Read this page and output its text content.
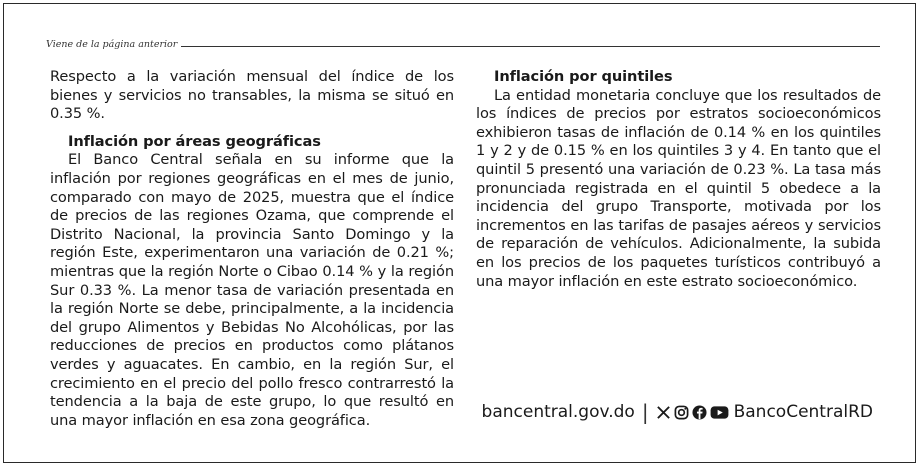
Viene de la página anterior

Respecto a la variación mensual del índice de los bienes y servicios no transables, la misma se situó en 0.35 %.

Inflación por áreas geográficas

El Banco Central señala en su informe que la inflación por regiones geográficas en el mes de junio, comparado con mayo de 2025, muestra que el índice de precios de las regiones Ozama, que comprende el Distrito Nacional, la provincia Santo Domingo y la región Este, experimentaron una variación de 0.21 %; mientras que la región Norte o Cibao 0.14 % y la región Sur 0.33 %. La menor tasa de variación presentada en la región Norte se debe, principalmente, a la incidencia del grupo Alimentos y Bebidas No Alcohólicas, por las reducciones de precios en productos como plátanos verdes y aguacates. En cambio, en la región Sur, el crecimiento en el precio del pollo fresco contrarrestó la tendencia a la baja de este grupo, lo que resultó en una mayor inflación en esa zona geográfica.

Inflación por quintiles

La entidad monetaria concluye que los resultados de los índices de precios por estratos socioeconómicos exhibieron tasas de inflación de 0.14 % en los quintiles 1 y 2 y de 0.15 % en los quintiles 3 y 4. En tanto que el quintil 5 presentó una variación de 0.23 %. La tasa más pronunciada registrada en el quintil 5 obedece a la incidencia del grupo Transporte, motivada por los incrementos en las tarifas de pasajes aéreos y servicios de reparación de vehículos. Adicionalmente, la subida en los precios de los paquetes turísticos contribuyó a una mayor inflación en este estrato socioeconómico.

bancentral.gov.do |	BancoCentralRD
